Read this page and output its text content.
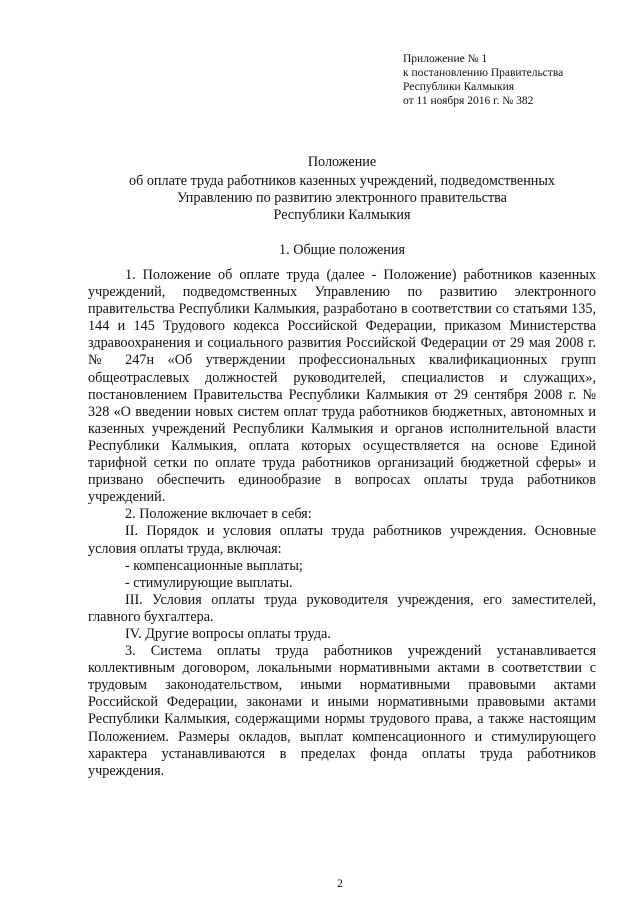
Приложение № 1
к постановлению Правительства
Республики Калмыкия
от 11 ноября 2016 г. № 382
Положение
об оплате труда работников казенных учреждений, подведомственных
Управлению по развитию электронного правительства
Республики Калмыкия
1. Общие положения

1. Положение об оплате труда (далее - Положение) работников казенных учреждений, подведомственных Управлению по развитию электронного правительства Республики Калмыкия, разработано в соответствии со статьями 135, 144 и 145 Трудового кодекса Российской Федерации, приказом Министерства здравоохранения и социального развития Российской Федерации от 29 мая 2008 г. № 247н «Об утверждении профессиональных квалификационных групп общеотраслевых должностей руководителей, специалистов и служащих», постановлением Правительства Республики Калмыкия от 29 сентября 2008 г. № 328 «О введении новых систем оплат труда работников бюджетных, автономных и казенных учреждений Республики Калмыкия и органов исполнительной власти Республики Калмыкия, оплата которых осуществляется на основе Единой тарифной сетки по оплате труда работников организаций бюджетной сферы» и призвано обеспечить единообразие в вопросах оплаты труда работников учреждений.

2. Положение включает в себя:

II. Порядок и условия оплаты труда работников учреждения. Основные условия оплаты труда, включая:

- компенсационные выплаты;

- стимулирующие выплаты.

III. Условия оплаты труда руководителя учреждения, его заместителей, главного бухгалтера.

IV. Другие вопросы оплаты труда.

3. Система оплаты труда работников учреждений устанавливается коллективным договором, локальными нормативными актами в соответствии с трудовым законодательством, иными нормативными правовыми актами Российской Федерации, законами и иными нормативными правовыми актами Республики Калмыкия, содержащими нормы трудового права, а также настоящим Положением. Размеры окладов, выплат компенсационного и стимулирующего характера устанавливаются в пределах фонда оплаты труда работников учреждения.

2
